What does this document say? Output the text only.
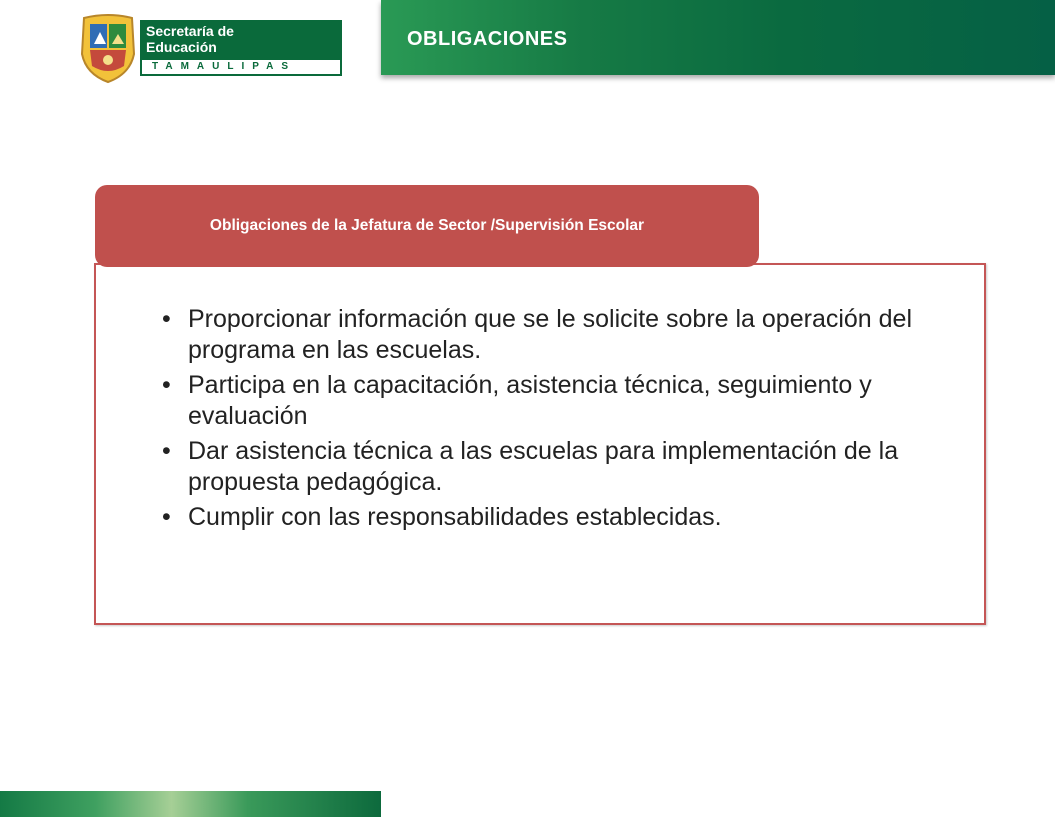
Secretaría de
Educación
TAMAULIPAS
OBLIGACIONES
Obligaciones de la Jefatura de Sector /Supervisión Escolar
• Proporcionar información que se le solicite sobre la operación del programa en las escuelas.
• Participa en la capacitación, asistencia técnica, seguimiento y evaluación
• Dar asistencia técnica a las escuelas para implementación de la propuesta pedagógica.
• Cumplir con las responsabilidades establecidas.
